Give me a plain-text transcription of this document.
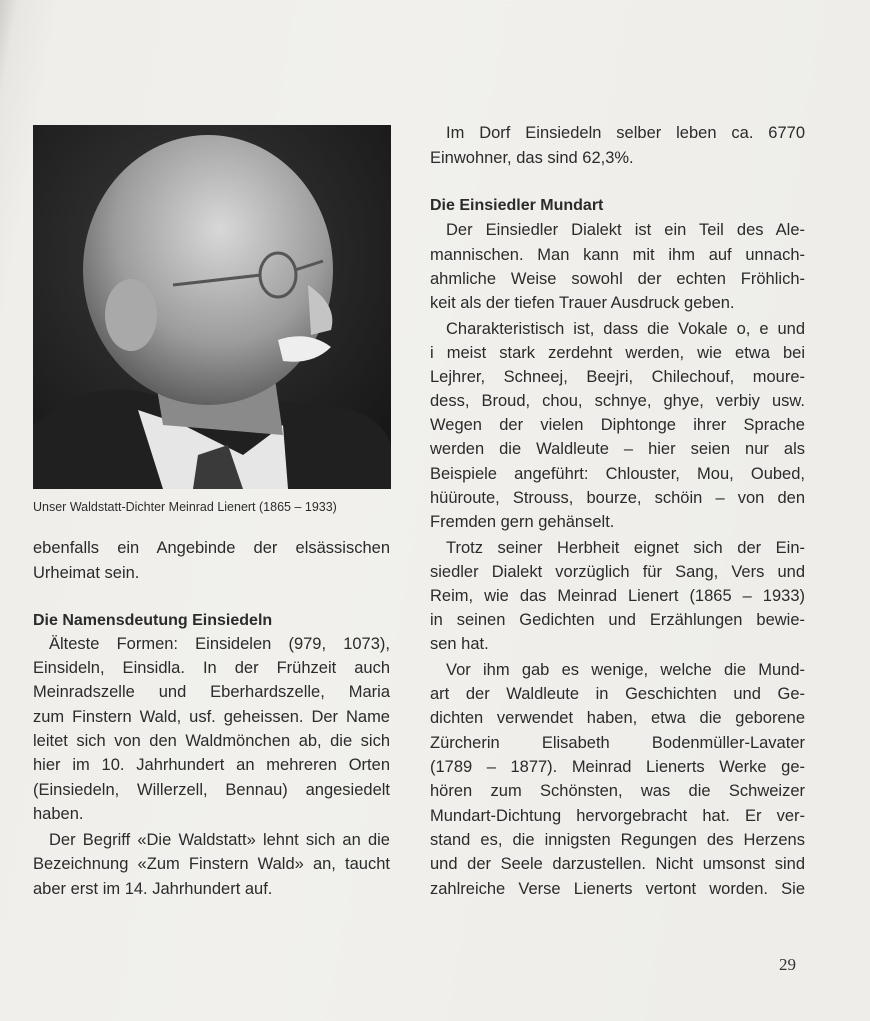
Unser Waldstatt-Dichter Meinrad Lienert (1865 – 1933)
ebenfalls ein Angebinde der elsässischen
Urheimat sein.
Die Namensdeutung Einsiedeln
Älteste Formen: Einsidelen (979, 1073),
Einsideln, Einsidla. In der Frühzeit auch
Meinradszelle und Eberhardszelle, Maria
zum Finstern Wald, usf. geheissen. Der Name
leitet sich von den Waldmönchen ab, die sich
hier im 10. Jahrhundert an mehreren Orten
(Einsiedeln, Willerzell, Bennau) angesiedelt
haben.
Der Begriff «Die Waldstatt» lehnt sich an die
Bezeichnung «Zum Finstern Wald» an, taucht
aber erst im 14. Jahrhundert auf.
Im Dorf Einsiedeln selber leben ca. 6770
Einwohner, das sind 62,3%.
Die Einsiedler Mundart
Der Einsiedler Dialekt ist ein Teil des Ale-
mannischen. Man kann mit ihm auf unnach-
ahmliche Weise sowohl der echten Fröhlich-
keit als der tiefen Trauer Ausdruck geben.
Charakteristisch ist, dass die Vokale o, e und
i meist stark zerdehnt werden, wie etwa bei
Lejhrer, Schneej, Beejri, Chilechouf, moure-
dess, Broud, chou, schnye, ghye, verbiy usw.
Wegen der vielen Diphtonge ihrer Sprache
werden die Waldleute – hier seien nur als
Beispiele angeführt: Chlouster, Mou, Oubed,
hüüroute, Strouss, bourze, schöin – von den
Fremden gern gehänselt.
Trotz seiner Herbheit eignet sich der Ein-
siedler Dialekt vorzüglich für Sang, Vers und
Reim, wie das Meinrad Lienert (1865 – 1933)
in seinen Gedichten und Erzählungen bewie-
sen hat.
Vor ihm gab es wenige, welche die Mund-
art der Waldleute in Geschichten und Ge-
dichten verwendet haben, etwa die geborene
Zürcherin Elisabeth Bodenmüller-Lavater
(1789 – 1877). Meinrad Lienerts Werke ge-
hören zum Schönsten, was die Schweizer
Mundart-Dichtung hervorgebracht hat. Er ver-
stand es, die innigsten Regungen des Herzens
und der Seele darzustellen. Nicht umsonst sind
zahlreiche Verse Lienerts vertont worden. Sie
29
